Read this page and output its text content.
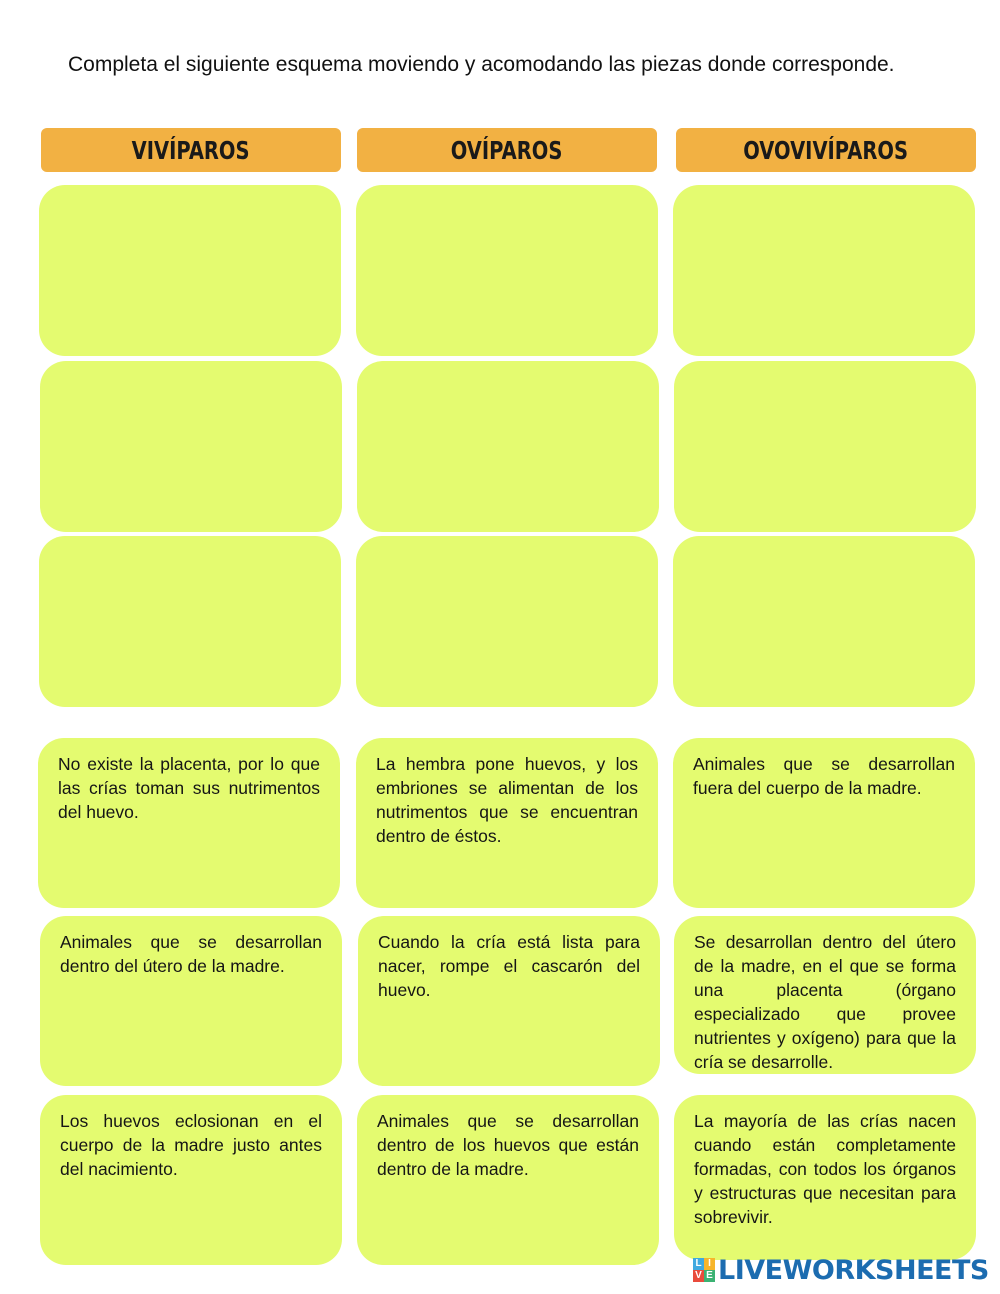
Completa el siguiente esquema moviendo y acomodando las piezas donde corresponde.
VIVÍPAROS	OVÍPAROS	OVOVIVÍPAROS
No existe la placenta, por lo que las crías toman sus nutrimentos del huevo.
La hembra pone huevos, y los embriones se alimentan de los nutrimentos que se encuentran dentro de éstos.
Animales que se desarrollan fuera del cuerpo de la madre.
Animales que se desarrollan dentro del útero de la madre.
Cuando la cría está lista para nacer, rompe el cascarón del huevo.
Se desarrollan dentro del útero de la madre, en el que se forma una placenta (órgano especializado que provee nutrientes y oxígeno) para que la cría se desarrolle.
Los huevos eclosionan en el cuerpo de la madre justo antes del nacimiento.
Animales que se desarrollan dentro de los huevos que están dentro de la madre.
La mayoría de las crías nacen cuando están completamente formadas, con todos los órganos y estructuras que necesitan para sobrevivir.
L I
V E LIVEWORKSHEETS
